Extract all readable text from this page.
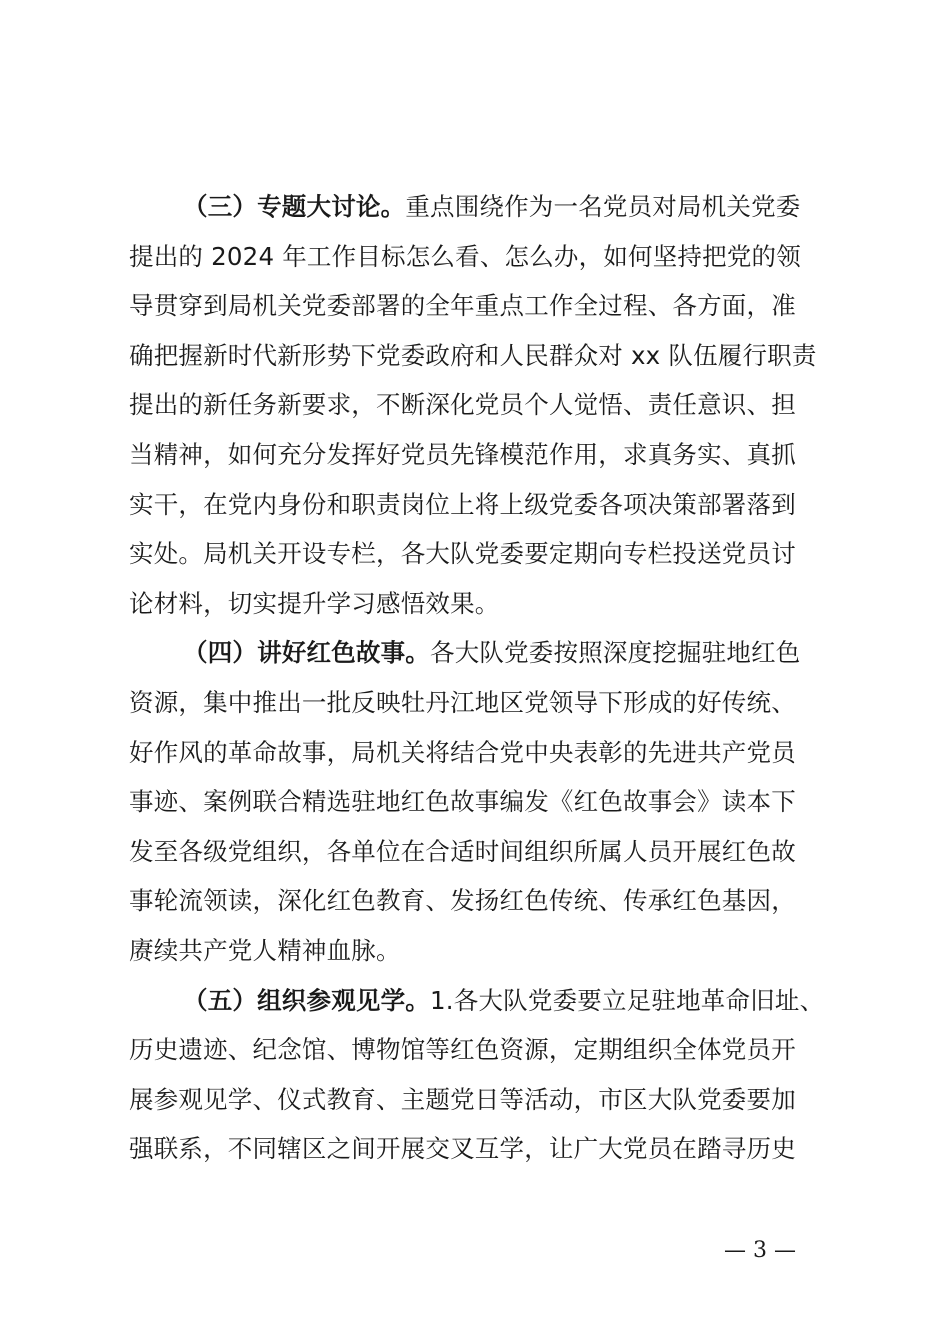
（三）专题大讨论。重点围绕作为一名党员对局机关党委
提出的 2024 年工作目标怎么看、怎么办，如何坚持把党的领
导贯穿到局机关党委部署的全年重点工作全过程、各方面，准
确把握新时代新形势下党委政府和人民群众对 xx 队伍履行职责
提出的新任务新要求，不断深化党员个人觉悟、责任意识、担
当精神，如何充分发挥好党员先锋模范作用，求真务实、真抓
实干，在党内身份和职责岗位上将上级党委各项决策部署落到
实处。局机关开设专栏，各大队党委要定期向专栏投送党员讨
论材料，切实提升学习感悟效果。

（四）讲好红色故事。各大队党委按照深度挖掘驻地红色
资源，集中推出一批反映牡丹江地区党领导下形成的好传统、
好作风的革命故事，局机关将结合党中央表彰的先进共产党员
事迹、案例联合精选驻地红色故事编发《红色故事会》读本下
发至各级党组织，各单位在合适时间组织所属人员开展红色故
事轮流领读，深化红色教育、发扬红色传统、传承红色基因，
赓续共产党人精神血脉。

（五）组织参观见学。1.各大队党委要立足驻地革命旧址、
历史遗迹、纪念馆、博物馆等红色资源，定期组织全体党员开
展参观见学、仪式教育、主题党日等活动，市区大队党委要加
强联系，不同辖区之间开展交叉互学，让广大党员在踏寻历史

— 3 —
